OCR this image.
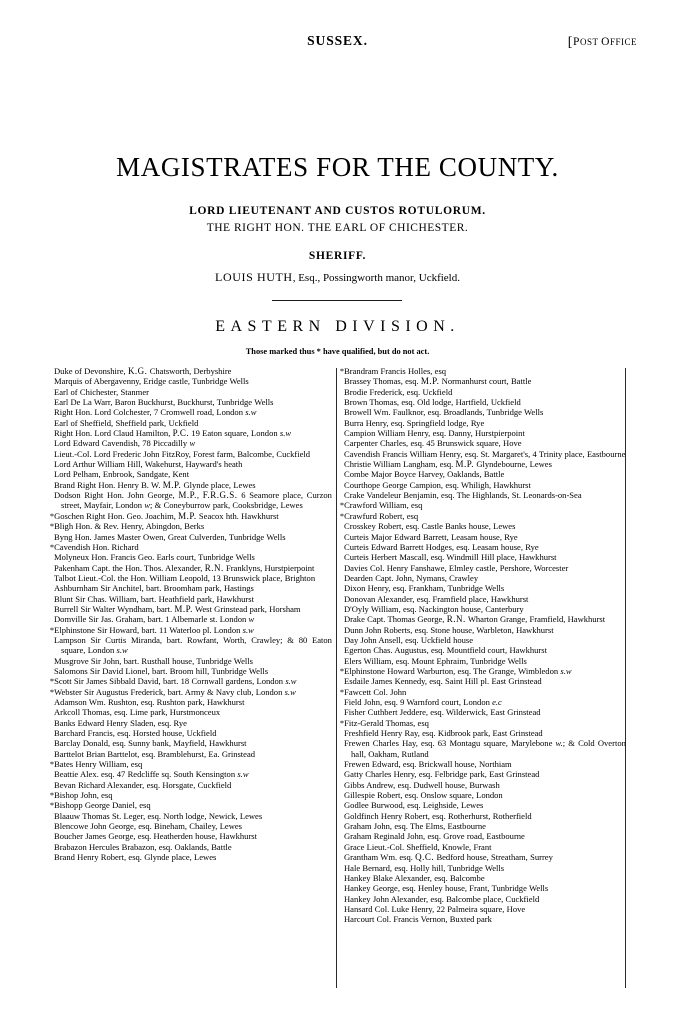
SUSSEX.	[POST OFFICE
MAGISTRATES FOR THE COUNTY.
LORD LIEUTENANT AND CUSTOS ROTULORUM.
THE RIGHT HON. THE EARL OF CHICHESTER.
SHERIFF.
LOUIS HUTH, Esq., Possingworth manor, Uckfield.
EASTERN DIVISION.
Those marked thus * have qualified, but do not act.

Duke of Devonshire, K.G. Chatsworth, Derbyshire

Marquis of Abergavenny, Eridge castle, Tunbridge Wells

Earl of Chichester, Stanmer

Earl De La Warr, Baron Buckhurst, Buckhurst, Tunbridge Wells

Right Hon. Lord Colchester, 7 Cromwell road, London s.w

Earl of Sheffield, Sheffield park, Uckfield

Right Hon. Lord Claud Hamilton, P.C. 19 Eaton square, London s.w

Lord Edward Cavendish, 78 Piccadilly w

Lieut.-Col. Lord Frederic John FitzRoy, Forest farm, Balcombe, Cuckfield

Lord Arthur William Hill, Wakehurst, Hayward's heath

Lord Pelham, Enbrook, Sandgate, Kent

Brand Right Hon. Henry B. W. M.P. Glynde place, Lewes

Dodson Right Hon. John George, M.P., F.R.G.S. 6 Seamore place, Curzon street, Mayfair, London w; & Coneyburrow park, Cooksbridge, Lewes

*Goschen Right Hon. Geo. Joachim, M.P. Seacox hth. Hawkhurst

*Bligh Hon. & Rev. Henry, Abingdon, Berks

Byng Hon. James Master Owen, Great Culverden, Tunbridge Wells

*Cavendish Hon. Richard

Molyneux Hon. Francis Geo. Earls court, Tunbridge Wells

Pakenham Capt. the Hon. Thos. Alexander, R.N. Franklyns, Hurstpierpoint

Talbot Lieut.-Col. the Hon. William Leopold, 13 Brunswick place, Brighton

Ashburnham Sir Anchitel, bart. Broomham park, Hastings

Blunt Sir Chas. William, bart. Heathfield park, Hawkhurst

Burrell Sir Walter Wyndham, bart. M.P. West Grinstead park, Horsham

Domville Sir Jas. Graham, bart. 1 Albemarle st. London w

*Elphinstone Sir Howard, bart. 11 Waterloo pl. London s.w

Lampson Sir Curtis Miranda, bart. Rowfant, Worth, Crawley; & 80 Eaton square, London s.w

Musgrove Sir John, bart. Rusthall house, Tunbridge Wells

Salomons Sir David Lionel, bart. Broom hill, Tunbridge Wells

*Scott Sir James Sibbald David, bart. 18 Cornwall gardens, London s.w

*Webster Sir Augustus Frederick, bart. Army & Navy club, London s.w

Adamson Wm. Rushton, esq. Rushton park, Hawkhurst

Arkcoll Thomas, esq. Lime park, Hurstmonceux

Banks Edward Henry Sladen, esq. Rye

Barchard Francis, esq. Horsted house, Uckfield

Barclay Donald, esq. Sunny bank, Mayfield, Hawkhurst

Barttelot Brian Barttelot, esq. Bramblehurst, Ea. Grinstead

*Bates Henry William, esq

Beattie Alex. esq. 47 Redcliffe sq. South Kensington s.w

Bevan Richard Alexander, esq. Horsgate, Cuckfield

*Bishop John, esq

*Bishopp George Daniel, esq

Blaauw Thomas St. Leger, esq. North lodge, Newick, Lewes

Blencowe John George, esq. Bineham, Chailey, Lewes

Boucher James George, esq. Heatherden house, Hawkhurst

Brabazon Hercules Brabazon, esq. Oaklands, Battle

Brand Henry Robert, esq. Glynde place, Lewes

*Brandram Francis Holles, esq

Brassey Thomas, esq. M.P. Normanhurst court, Battle

Brodie Frederick, esq. Uckfield

Brown Thomas, esq. Old lodge, Hartfield, Uckfield

Browell Wm. Faulknor, esq. Broadlands, Tunbridge Wells

Burra Henry, esq. Springfield lodge, Rye

Campion William Henry, esq. Danny, Hurstpierpoint

Carpenter Charles, esq. 45 Brunswick square, Hove

Cavendish Francis William Henry, esq. St. Margaret's, 4 Trinity place, Eastbourne

Christie William Langham, esq. M.P. Glyndebourne, Lewes

Combe Major Boyce Harvey, Oaklands, Battle

Courthope George Campion, esq. Whiligh, Hawkhurst

Crake Vandeleur Benjamin, esq. The Highlands, St. Leonards-on-Sea

*Crawford William, esq

*Crawfurd Robert, esq

Crosskey Robert, esq. Castle Banks house, Lewes

Curteis Major Edward Barrett, Leasam house, Rye

Curteis Edward Barrett Hodges, esq. Leasam house, Rye

Curteis Herbert Mascall, esq. Windmill Hill place, Hawkhurst

Davies Col. Henry Fanshawe, Elmley castle, Pershore, Worcester

Dearden Capt. John, Nymans, Crawley

Dixon Henry, esq. Frankham, Tunbridge Wells

Donovan Alexander, esq. Framfield place, Hawkhurst

D'Oyly William, esq. Nackington house, Canterbury

Drake Capt. Thomas George, R.N. Wharton Grange, Framfield, Hawkhurst

Dunn John Roberts, esq. Stone house, Warbleton, Hawkhurst

Day John Ansell, esq. Uckfield house

Egerton Chas. Augustus, esq. Mountfield court, Hawkhurst

Elers William, esq. Mount Ephraim, Tunbridge Wells

*Elphinstone Howard Warburton, esq. The Grange, Wimbledon s.w

Esdaile James Kennedy, esq. Saint Hill pl. East Grinstead

*Fawcett Col. John

Field John, esq. 9 Warnford court, London e.c

Fisher Cuthbert Jeddere, esq. Wilderwick, East Grinstead

*Fitz-Gerald Thomas, esq

Freshfield Henry Ray, esq. Kidbrook park, East Grinstead

Frewen Charles Hay, esq. 63 Montagu square, Marylebone w.; & Cold Overton hall, Oakham, Rutland

Frewen Edward, esq. Brickwall house, Northiam

Gatty Charles Henry, esq. Felbridge park, East Grinstead

Gibbs Andrew, esq. Dudwell house, Burwash

Gillespie Robert, esq. Onslow square, London

Godlee Burwood, esq. Leighside, Lewes

Goldfinch Henry Robert, esq. Rotherhurst, Rotherfield

Graham John, esq. The Elms, Eastbourne

Graham Reginald John, esq. Grove road, Eastbourne

Grace Lieut.-Col. Sheffield, Knowle, Frant

Grantham Wm. esq. Q.C. Bedford house, Streatham, Surrey

Hale Bernard, esq. Holly hill, Tunbridge Wells

Hankey Blake Alexander, esq. Balcombe

Hankey George, esq. Henley house, Frant, Tunbridge Wells

Hankey John Alexander, esq. Balcombe place, Cuckfield

Hansard Col. Luke Henry, 22 Palmeira square, Hove

Harcourt Col. Francis Vernon, Buxted park
